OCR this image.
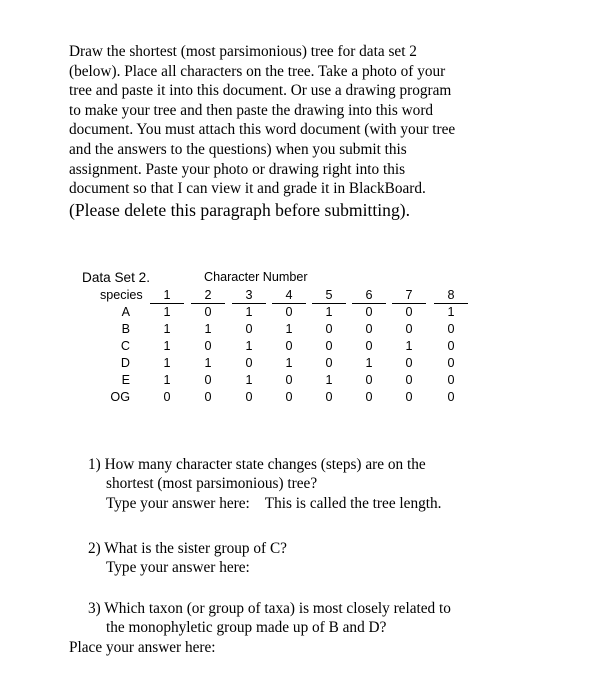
Draw the shortest (most parsimonious) tree for data set 2
(below). Place all characters on the tree. Take a photo of your
tree and paste it into this document. Or use a drawing program
to make your tree and then paste the drawing into this word
document. You must attach this word document (with your tree
and the answers to the questions) when you submit this
assignment. Paste your photo or drawing right into this
document so that I can view it and grade it in BlackBoard.
(Please delete this paragraph before submitting).
Data Set 2.	Character Number
species	1	2	3	4	5	6	7	8
A	1	0	1	0	1	0	0	1
B	1	1	0	1	0	0	0	0
C	1	0	1	0	0	0	1	0
D	1	1	0	1	0	1	0	0
E	1	0	1	0	1	0	0	0
OG	0	0	0	0	0	0	0	0
1) How many character state changes (steps) are on the
shortest (most parsimonious) tree?
Type your answer here:    This is called the tree length.
2) What is the sister group of C?
Type your answer here:
3) Which taxon (or group of taxa) is most closely related to
the monophyletic group made up of B and D?
Place your answer here:
